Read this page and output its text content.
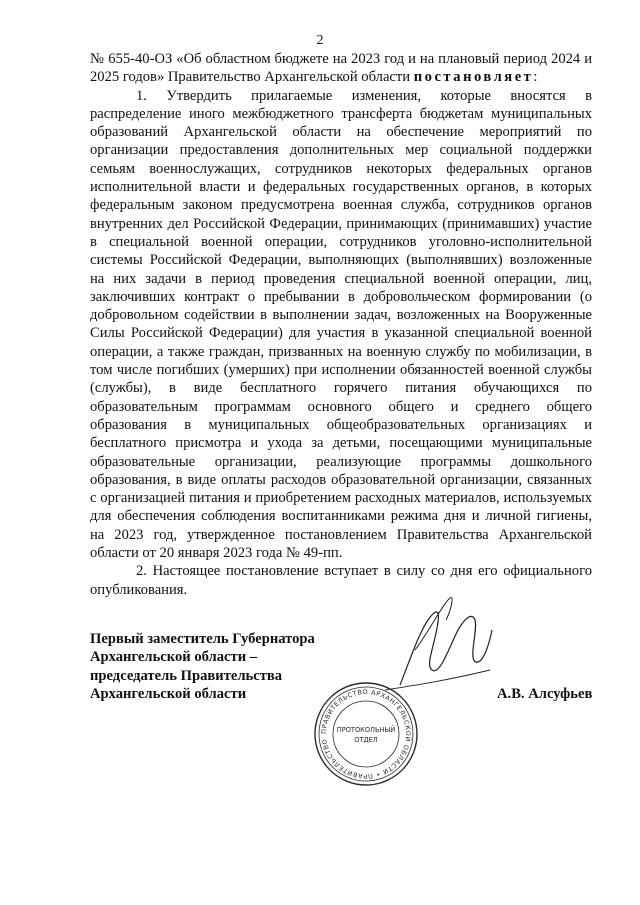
2

№ 655-40-ОЗ «Об областном бюджете на 2023 год и на плановый период 2024 и 2025 годов» Правительство Архангельской области постановляет:

1. Утвердить прилагаемые изменения, которые вносятся в распределение иного межбюджетного трансферта бюджетам муниципальных образований Архангельской области на обеспечение мероприятий по организации предоставления дополнительных мер социальной поддержки семьям военнослужащих, сотрудников некоторых федеральных органов исполнительной власти и федеральных государственных органов, в которых федеральным законом предусмотрена военная служба, сотрудников органов внутренних дел Российской Федерации, принимающих (принимавших) участие в специальной военной операции, сотрудников уголовно-исполнительной системы Российской Федерации, выполняющих (выполнявших) возложенные на них задачи в период проведения специальной военной операции, лиц, заключивших контракт о пребывании в добровольческом формировании (о добровольном содействии в выполнении задач, возложенных на Вооруженные Силы Российской Федерации) для участия в указанной специальной военной операции, а также граждан, призванных на военную службу по мобилизации, в том числе погибших (умерших) при исполнении обязанностей военной службы (службы), в виде бесплатного горячего питания обучающихся по образовательным программам основного общего и среднего общего образования в муниципальных общеобразовательных организациях и бесплатного присмотра и ухода за детьми, посещающими муниципальные образовательные организации, реализующие программы дошкольного образования, в виде оплаты расходов образовательной организации, связанных с организацией питания и приобретением расходных материалов, используемых для обеспечения соблюдения воспитанниками режима дня и личной гигиены, на 2023 год, утвержденное постановлением Правительства Архангельской области от 20 января 2023 года № 49-пп.

2. Настоящее постановление вступает в силу со дня его официального опубликования.

Первый заместитель Губернатора
Архангельской области –
председатель Правительства
Архангельской области	А.В. Алсуфьев
ПРАВИТЕЛЬСТВО АРХАНГЕЛЬСКОЙ ОБЛАСТИ • ПРАВИТЕЛЬСТВО
ПРОТОКОЛЬНЫЙ
ОТДЕЛ
